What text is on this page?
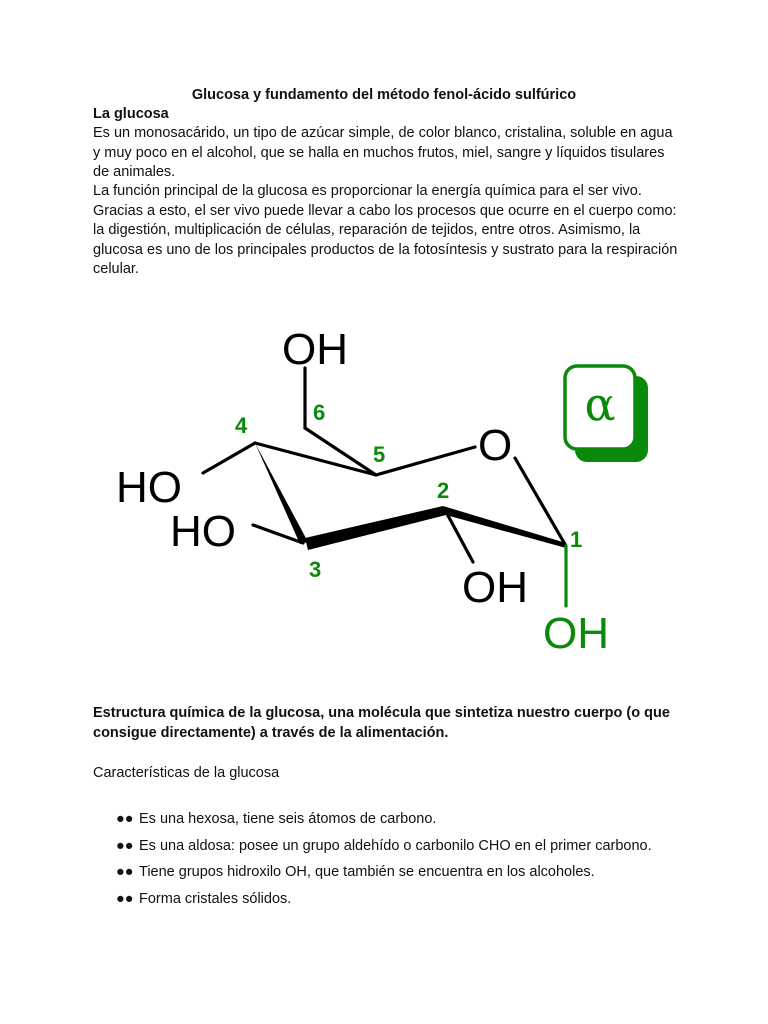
Glucosa y fundamento del método fenol-ácido sulfúrico
La glucosa

Es un monosacárido, un tipo de azúcar simple, de color blanco, cristalina, soluble en agua y muy poco en el alcohol, que se halla en muchos frutos, miel, sangre y líquidos tisulares de animales.

La función principal de la glucosa es proporcionar la energía química para el ser vivo. Gracias a esto, el ser vivo puede llevar a cabo los procesos que ocurre en el cuerpo como: la digestión, multiplicación de células, reparación de tejidos, entre otros. Asimismo, la glucosa es uno de los principales productos de la fotosíntesis y sustrato para la respiración celular.

OH
HO
HO
OH
O
OH
1
2
3
4
5
6	α

Estructura química de la glucosa, una molécula que sintetiza nuestro cuerpo (o que consigue directamente) a través de la alimentación.

Características de la glucosa
●● Es una hexosa, tiene seis átomos de carbono.
●● Es una aldosa: posee un grupo aldehído o carbonilo CHO en el primer carbono.
●● Tiene grupos hidroxilo OH, que también se encuentra en los alcoholes.
●● Forma cristales sólidos.
